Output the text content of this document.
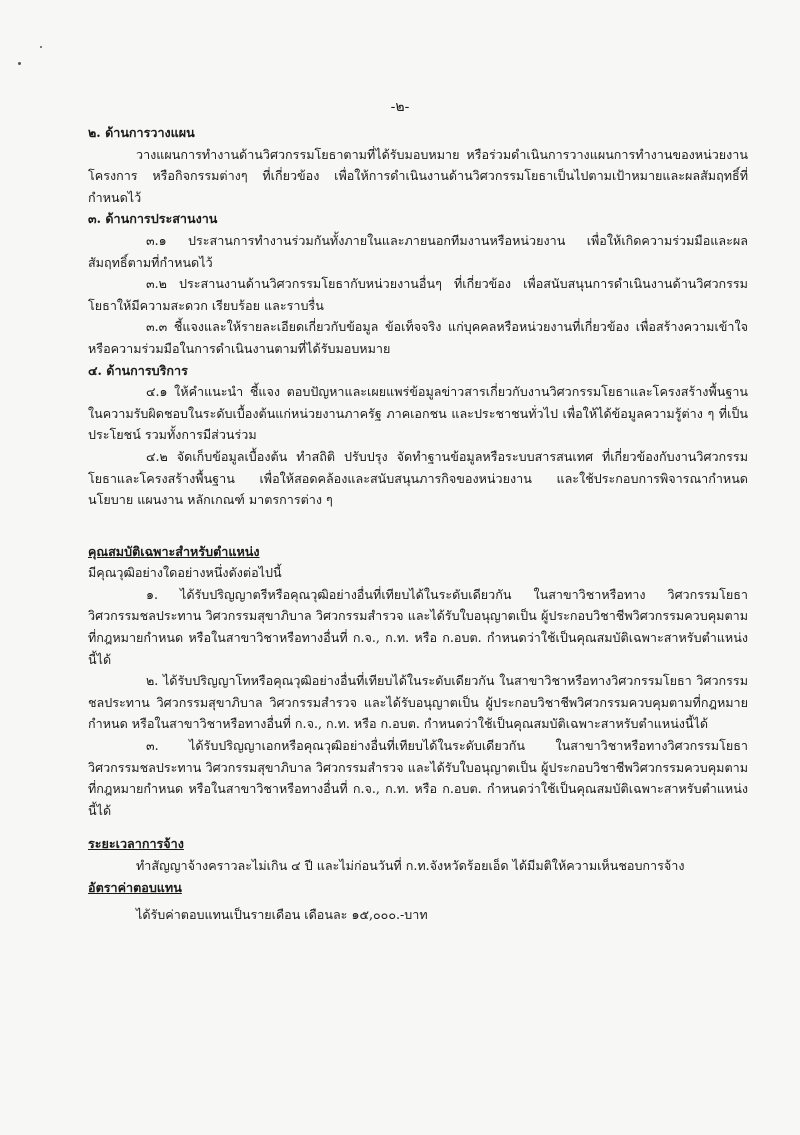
-๒-

๒. ด้านการวางแผน

วางแผนการทำงานด้านวิศวกรรมโยธาตามที่ได้รับมอบหมาย หรือร่วมดำเนินการวางแผนการทำงานของหน่วยงาน โครงการ หรือกิจกรรมต่างๆ ที่เกี่ยวข้อง เพื่อให้การดำเนินงานด้านวิศวกรรมโยธาเป็นไปตามเป้าหมายและผลสัมฤทธิ์ที่กำหนดไว้

๓. ด้านการประสานงาน

๓.๑ ประสานการทำงานร่วมกันทั้งภายในและภายนอกทีมงานหรือหน่วยงาน เพื่อให้เกิดความร่วมมือและผลสัมฤทธิ์ตามที่กำหนดไว้

๓.๒ ประสานงานด้านวิศวกรรมโยธากับหน่วยงานอื่นๆ ที่เกี่ยวข้อง เพื่อสนับสนุนการดำเนินงานด้านวิศวกรรมโยธาให้มีความสะดวก เรียบร้อย และราบรื่น

๓.๓ ชี้แจงและให้รายละเอียดเกี่ยวกับข้อมูล ข้อเท็จจริง แก่บุคคลหรือหน่วยงานที่เกี่ยวข้อง เพื่อสร้างความเข้าใจหรือความร่วมมือในการดำเนินงานตามที่ได้รับมอบหมาย

๔. ด้านการบริการ

๔.๑ ให้คำแนะนำ ชี้แจง ตอบปัญหาและเผยแพร่ข้อมูลข่าวสารเกี่ยวกับงานวิศวกรรมโยธาและโครงสร้างพื้นฐานในความรับผิดชอบในระดับเบื้องต้นแก่หน่วยงานภาครัฐ ภาคเอกชน และประชาชนทั่วไป เพื่อให้ได้ข้อมูลความรู้ต่าง ๆ ที่เป็นประโยชน์ รวมทั้งการมีส่วนร่วม

๔.๒ จัดเก็บข้อมูลเบื้องต้น ทำสถิติ ปรับปรุง จัดทำฐานข้อมูลหรือระบบสารสนเทศ ที่เกี่ยวข้องกับงานวิศวกรรมโยธาและโครงสร้างพื้นฐาน เพื่อให้สอดคล้องและสนับสนุนภารกิจของหน่วยงาน และใช้ประกอบการพิจารณากำหนดนโยบาย แผนงาน หลักเกณฑ์ มาตรการต่าง ๆ

คุณสมบัติเฉพาะสำหรับตำแหน่ง

มีคุณวุฒิอย่างใดอย่างหนึ่งดังต่อไปนี้

๑. ได้รับปริญญาตรีหรือคุณวุฒิอย่างอื่นที่เทียบได้ในระดับเดียวกัน ในสาขาวิชาหรือทาง วิศวกรรมโยธา วิศวกรรมชลประทาน วิศวกรรมสุขาภิบาล วิศวกรรมสำรวจ และได้รับใบอนุญาตเป็น ผู้ประกอบวิชาชีพวิศวกรรมควบคุมตามที่กฎหมายกำหนด หรือในสาขาวิชาหรือทางอื่นที่ ก.จ., ก.ท. หรือ ก.อบต. กำหนดว่าใช้เป็นคุณสมบัติเฉพาะสาหรับตำแหน่งนี้ได้

๒. ได้รับปริญญาโทหรือคุณวุฒิอย่างอื่นที่เทียบได้ในระดับเดียวกัน ในสาขาวิชาหรือทางวิศวกรรมโยธา วิศวกรรมชลประทาน วิศวกรรมสุขาภิบาล วิศวกรรมสำรวจ และได้รับอนุญาตเป็น ผู้ประกอบวิชาชีพวิศวกรรมควบคุมตามที่กฎหมายกำหนด หรือในสาขาวิชาหรือทางอื่นที่ ก.จ., ก.ท. หรือ ก.อบต. กำหนดว่าใช้เป็นคุณสมบัติเฉพาะสาหรับตำแหน่งนี้ได้

๓. ได้รับปริญญาเอกหรือคุณวุฒิอย่างอื่นที่เทียบได้ในระดับเดียวกัน ในสาขาวิชาหรือทางวิศวกรรมโยธา วิศวกรรมชลประทาน วิศวกรรมสุขาภิบาล วิศวกรรมสำรวจ และได้รับใบอนุญาตเป็น ผู้ประกอบวิชาชีพวิศวกรรมควบคุมตามที่กฎหมายกำหนด หรือในสาขาวิชาหรือทางอื่นที่ ก.จ., ก.ท. หรือ ก.อบต. กำหนดว่าใช้เป็นคุณสมบัติเฉพาะสาหรับตำแหน่งนี้ได้

ระยะเวลาการจ้าง

ทำสัญญาจ้างคราวละไม่เกิน ๔ ปี และไม่ก่อนวันที่ ก.ท.จังหวัดร้อยเอ็ด ได้มีมติให้ความเห็นชอบการจ้าง

อัตราค่าตอบแทน

ได้รับค่าตอบแทนเป็นรายเดือน เดือนละ ๑๕,๐๐๐.-บาท
